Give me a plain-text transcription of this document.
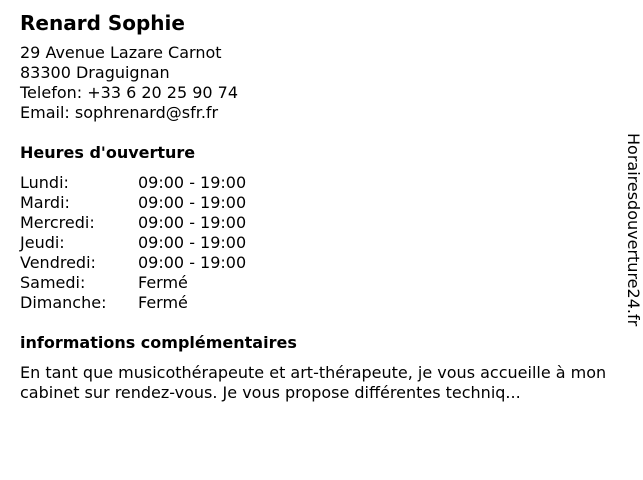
Renard Sophie
29 Avenue Lazare Carnot
83300 Draguignan
Telefon: +33 6 20 25 90 74
Email: sophrenard@sfr.fr
Heures d'ouverture
Lundi:	09:00 - 19:00
Mardi:	09:00 - 19:00
Mercredi:	09:00 - 19:00
Jeudi:	09:00 - 19:00
Vendredi:	09:00 - 19:00
Samedi:	Fermé
Dimanche:	Fermé
informations complémentaires
En tant que musicothérapeute et art-thérapeute, je vous accueille à mon cabinet sur rendez-vous. Je vous propose différentes techniq...
Horairesdouverture24.fr
